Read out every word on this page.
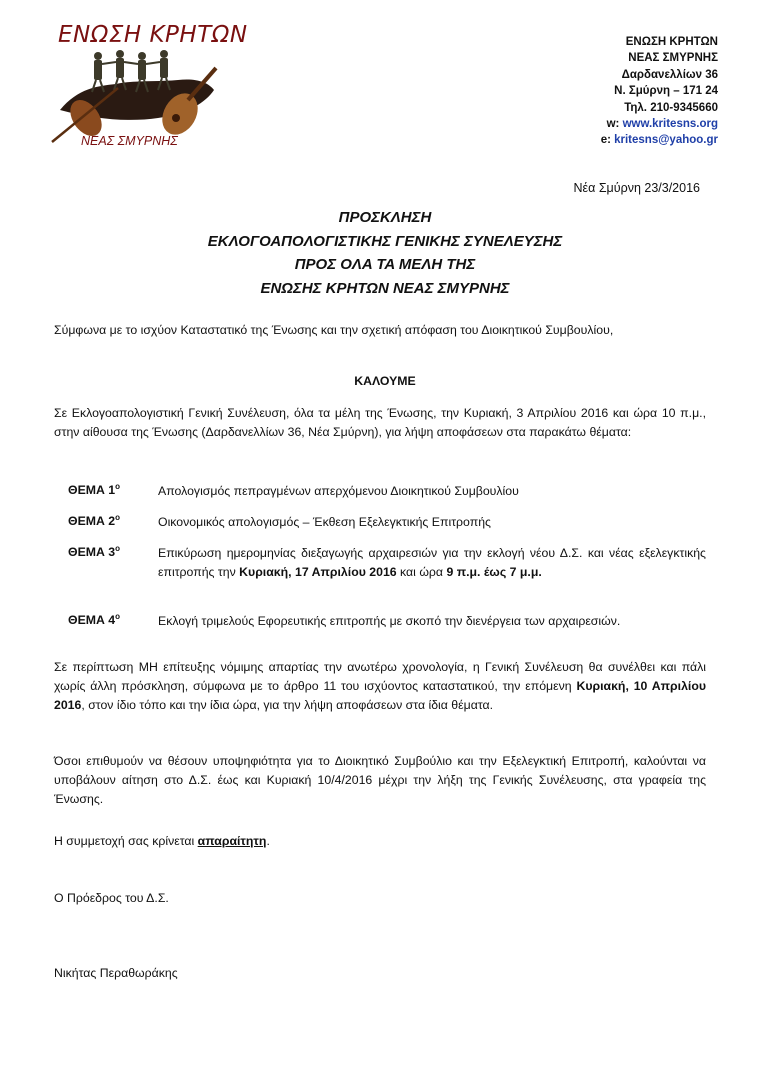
ΕΝΩΣΗ ΚΡΗΤΩΝ
ΝΕΑΣ ΣΜΥΡΝΗΣ
ΕΝΩΣΗ ΚΡΗΤΩΝ
ΝΕΑΣ ΣΜΥΡΝΗΣ
Δαρδανελλίων 36
Ν. Σμύρνη – 171 24
Τηλ. 210-9345660
w: www.kritesns.org
e: kritesns@yahoo.gr
Νέα Σμύρνη 23/3/2016
ΠΡΟΣΚΛΗΣΗ
ΕΚΛΟΓΟΑΠΟΛΟΓΙΣΤΙΚΗΣ ΓΕΝΙΚΗΣ ΣΥΝΕΛΕΥΣΗΣ
ΠΡΟΣ ΟΛΑ ΤΑ ΜΕΛΗ ΤΗΣ
ΕΝΩΣΗΣ ΚΡΗΤΩΝ ΝΕΑΣ ΣΜΥΡΝΗΣ
Σύμφωνα με το ισχύον Καταστατικό της Ένωσης και την σχετική απόφαση του Διοικητικού Συμβουλίου,
ΚΑΛΟΥΜΕ
Σε Εκλογοαπολογιστική Γενική Συνέλευση, όλα τα μέλη της Ένωσης, την Κυριακή, 3 Απριλίου 2016 και ώρα 10 π.μ., στην αίθουσα της Ένωσης (Δαρδανελλίων 36, Νέα Σμύρνη), για λήψη αποφάσεων στα παρακάτω θέματα:
ΘΕΜΑ $1^o$	Απολογισμός πεπραγμένων απερχόμενου Διοικητικού Συμβουλίου
ΘΕΜΑ $2^o$	Οικονομικός απολογισμός – Έκθεση Εξελεγκτικής Επιτροπής
ΘΕΜΑ $3^o$	Επικύρωση ημερομηνίας διεξαγωγής αρχαιρεσιών για την εκλογή νέου Δ.Σ. και νέας εξελεγκτικής επιτροπής την Κυριακή, 17 Απριλίου 2016 και ώρα 9 π.μ. έως 7 μ.μ.
ΘΕΜΑ $4^o$	Εκλογή τριμελούς Εφορευτικής επιτροπής με σκοπό την διενέργεια των αρχαιρεσιών.
Σε περίπτωση ΜΗ επίτευξης νόμιμης απαρτίας την ανωτέρω χρονολογία, η Γενική Συνέλευση θα συνέλθει και πάλι χωρίς άλλη πρόσκληση, σύμφωνα με το άρθρο 11 του ισχύοντος καταστατικού, την επόμενη Κυριακή, 10 Απριλίου 2016, στον ίδιο τόπο και την ίδια ώρα, για την λήψη αποφάσεων στα ίδια θέματα.
Όσοι επιθυμούν να θέσουν υποψηφιότητα για το Διοικητικό Συμβούλιο και την Εξελεγκτική Επιτροπή, καλούνται να υποβάλουν αίτηση στο Δ.Σ. έως και Κυριακή 10/4/2016 μέχρι την λήξη της Γενικής Συνέλευσης, στα γραφεία της Ένωσης.
Η συμμετοχή σας κρίνεται απαραίτητη.
Ο Πρόεδρος του Δ.Σ.
Νικήτας Περαθωράκης
